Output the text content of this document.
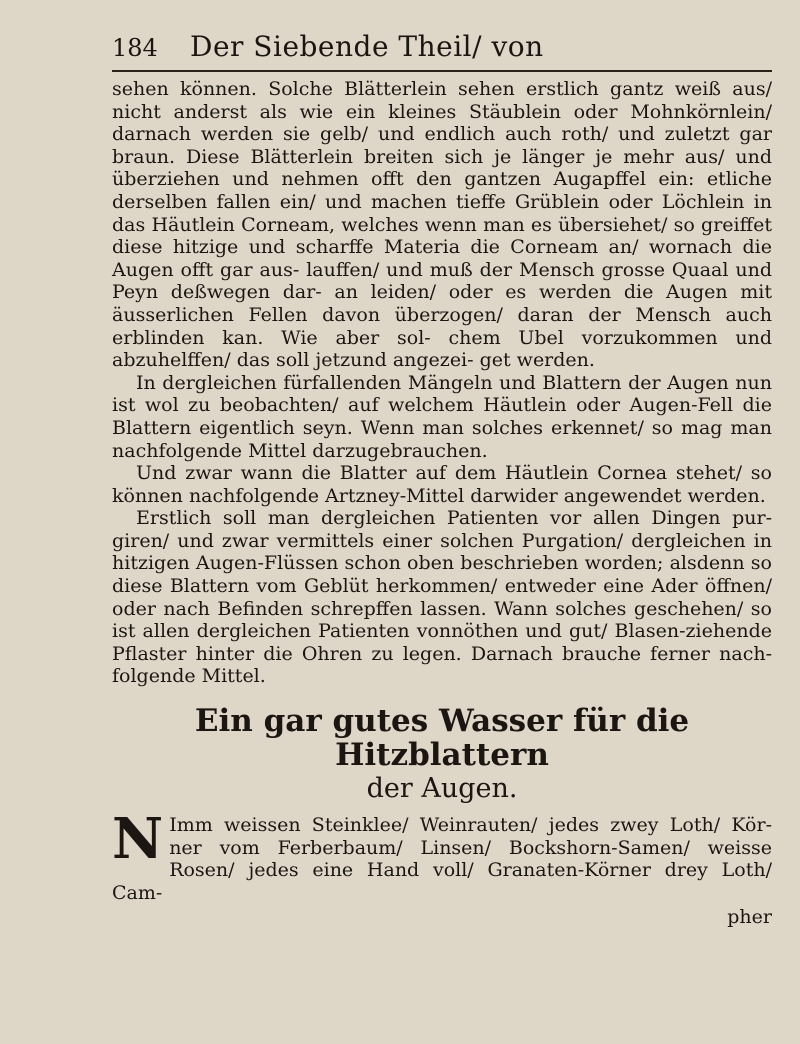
184	Der Siebende Theil/ von

sehen können. Solche Blätterlein sehen erstlich gantz weiß aus/ nicht anderst als wie ein kleines Stäublein oder Mohnkörnlein/ darnach werden sie gelb/ und endlich auch roth/ und zuletzt gar braun. Diese Blätterlein breiten sich je länger je mehr aus/ und überziehen und nehmen offt den gantzen Augapffel ein: etliche derselben fallen ein/ und machen tieffe Grüblein oder Löchlein in das Häutlein Corneam, welches wenn man es übersiehet/ so greiffet diese hitzige und scharffe Materia die Corneam an/ wornach die Augen offt gar aus- lauffen/ und muß der Mensch grosse Quaal und Peyn deßwegen dar- an leiden/ oder es werden die Augen mit äusserlichen Fellen davon überzogen/ daran der Mensch auch erblinden kan. Wie aber sol- chem Ubel vorzukommen und abzuhelffen/ das soll jetzund angezei- get werden.

In dergleichen fürfallenden Mängeln und Blattern der Augen nun ist wol zu beobachten/ auf welchem Häutlein oder Augen-Fell die Blattern eigentlich seyn. Wenn man solches erkennet/ so mag man nachfolgende Mittel darzugebrauchen.

Und zwar wann die Blatter auf dem Häutlein Cornea stehet/ so können nachfolgende Artzney-Mittel darwider angewendet werden.

Erstlich soll man dergleichen Patienten vor allen Dingen pur- giren/ und zwar vermittels einer solchen Purgation/ dergleichen in hitzigen Augen-Flüssen schon oben beschrieben worden; alsdenn so diese Blattern vom Geblüt herkommen/ entweder eine Ader öffnen/ oder nach Befinden schrepffen lassen. Wann solches geschehen/ so ist allen dergleichen Patienten vonnöthen und gut/ Blasen-ziehende Pflaster hinter die Ohren zu legen. Darnach brauche ferner nach- folgende Mittel.

Ein gar gutes Wasser für die Hitzblattern
der Augen.

N Imm weissen Steinklee/ Weinrauten/ jedes zwey Loth/ Kör- ner vom Ferberbaum/ Linsen/ Bockshorn-Samen/ weisse Rosen/ jedes eine Hand voll/ Granaten-Körner drey Loth/ Cam-

pher
